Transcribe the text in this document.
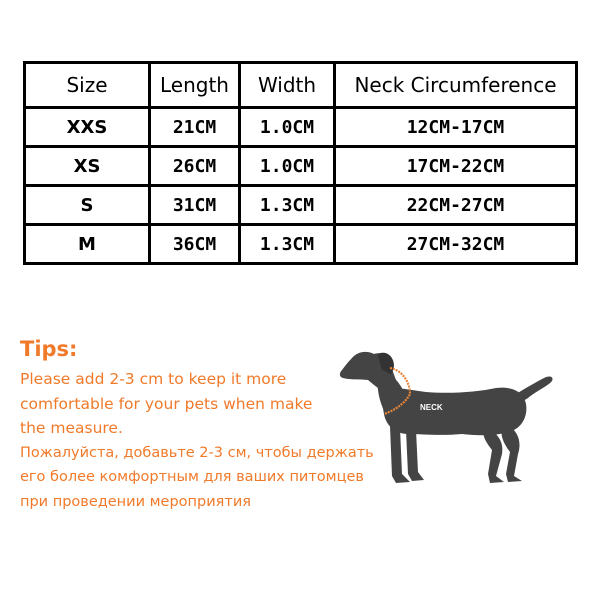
Size	Length	Width	Neck Circumference
XXS	21CM	1.0CM	12CM-17CM
XS	26CM	1.0CM	17CM-22CM
S	31CM	1.3CM	22CM-27CM
M	36CM	1.3CM	27CM-32CM
Tips:
Please add 2-3 cm to keep it more
comfortable for your pets when make
the measure.
Пожалуйста, добавьте 2-3 см, чтобы держать
его более комфортным для ваших питомцев
при проведении мероприятия
NECK
